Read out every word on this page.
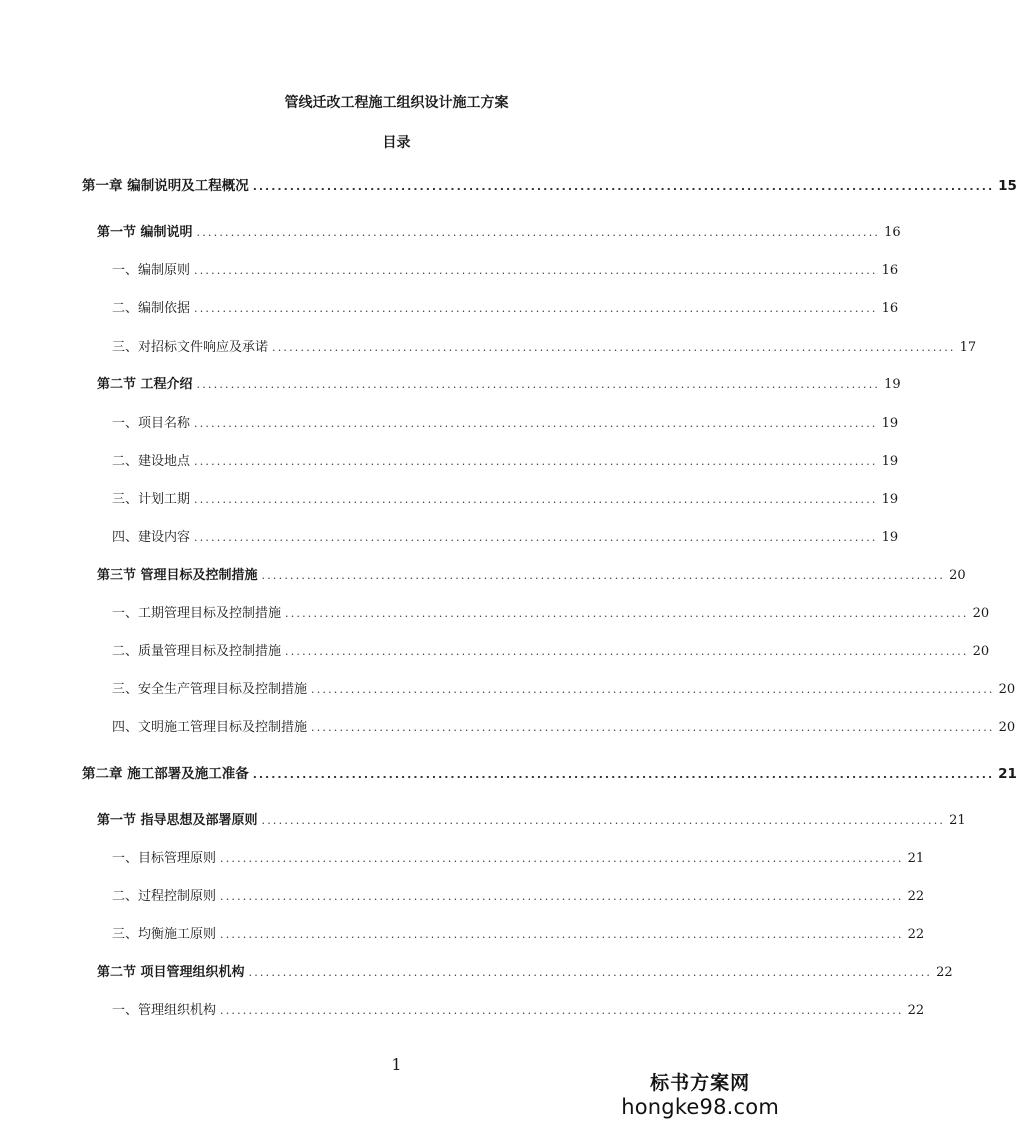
管线迁改工程施工组织设计施工方案
目录
第一章 编制说明及工程概况 ........................................................................................................................ 15
第一节 编制说明 ........................................................................................................................ 16
一、编制原则 ........................................................................................................................ 16
二、编制依据 ........................................................................................................................ 16
三、对招标文件响应及承诺 ........................................................................................................................ 17
第二节 工程介绍 ........................................................................................................................ 19
一、项目名称 ........................................................................................................................ 19
二、建设地点 ........................................................................................................................ 19
三、计划工期 ........................................................................................................................ 19
四、建设内容 ........................................................................................................................ 19
第三节 管理目标及控制措施 ........................................................................................................................ 20
一、工期管理目标及控制措施 ........................................................................................................................ 20
二、质量管理目标及控制措施 ........................................................................................................................ 20
三、安全生产管理目标及控制措施 ........................................................................................................................ 20
四、文明施工管理目标及控制措施 ........................................................................................................................ 20
第二章 施工部署及施工准备 ........................................................................................................................ 21
第一节 指导思想及部署原则 ........................................................................................................................ 21
一、目标管理原则 ........................................................................................................................ 21
二、过程控制原则 ........................................................................................................................ 22
三、均衡施工原则 ........................................................................................................................ 22
第二节 项目管理组织机构 ........................................................................................................................ 22
一、管理组织机构 ........................................................................................................................ 22
1
标书方案网
hongke98.com
